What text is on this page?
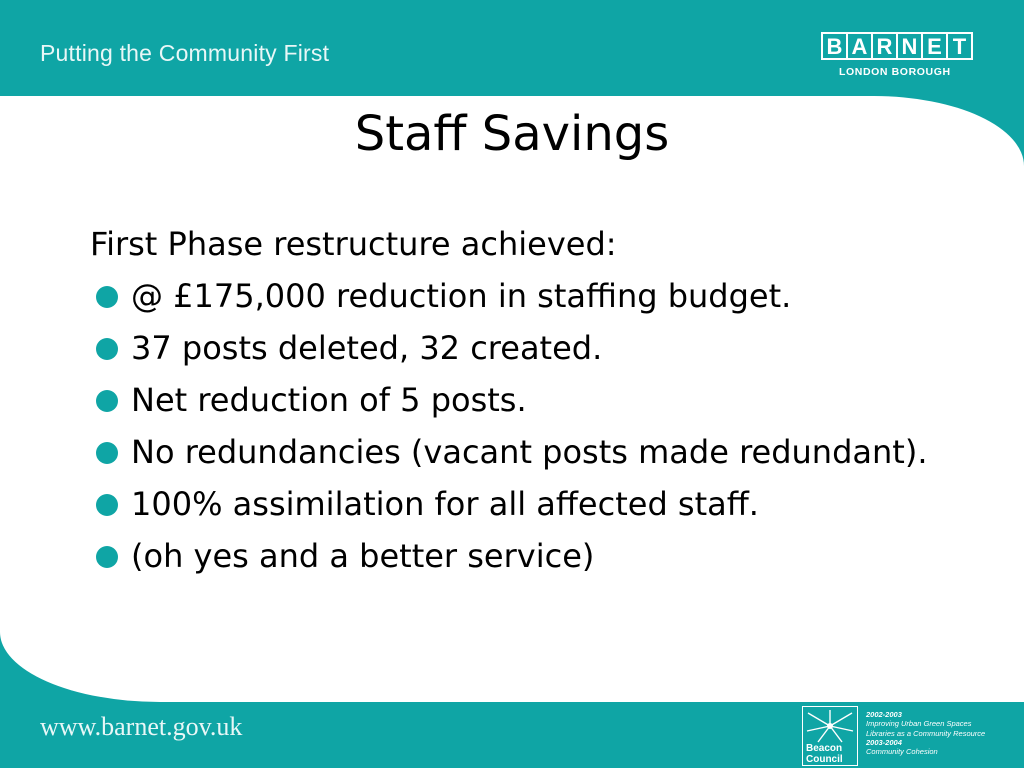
Putting the Community First	B A R N E T
LONDON BOROUGH
Staff Savings

First Phase restructure achieved:

@ £175,000 reduction in staffing budget.
37 posts deleted, 32 created.
Net reduction of 5 posts.
No redundancies (vacant posts made redundant).
100% assimilation for all affected staff.
(oh yes and a better service)
www.barnet.gov.uk
Beacon
Council
2002-2003
Improving Urban Green Spaces
Libraries as a Community Resource
2003-2004
Community Cohesion
